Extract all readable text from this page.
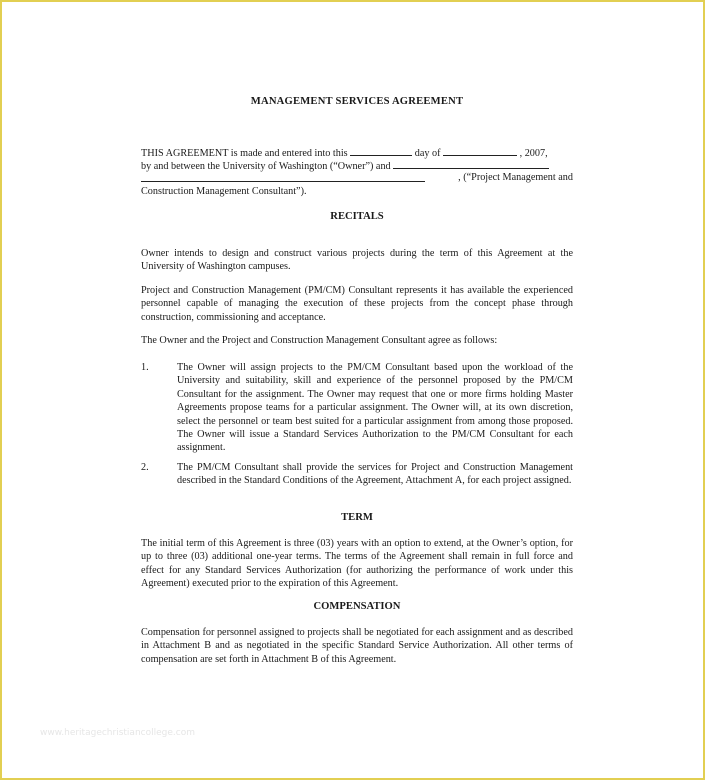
MANAGEMENT SERVICES AGREEMENT
THIS AGREEMENT is made and entered into this	day of	, 2007,
by and between the University of Washington (“Owner”) and
, (“Project Management and
Construction Management Consultant”).
RECITALS
Owner intends to design and construct various projects during the term of this Agreement at the University of Washington campuses.
Project and Construction Management (PM/CM) Consultant represents it has available the experienced personnel capable of managing the execution of these projects from the concept phase through construction, commissioning and acceptance.
The Owner and the Project and Construction Management Consultant agree as follows:
1.	The Owner will assign projects to the PM/CM Consultant based upon the workload of the University and suitability, skill and experience of the personnel proposed by the PM/CM Consultant for the assignment. The Owner may request that one or more firms holding Master Agreements propose teams for a particular assignment. The Owner will, at its own discretion, select the personnel or team best suited for a particular assignment from among those proposed. The Owner will issue a Standard Services Authorization to the PM/CM Consultant for each assignment.
2.	The PM/CM Consultant shall provide the services for Project and Construction Management described in the Standard Conditions of the Agreement, Attachment A, for each project assigned.
TERM
The initial term of this Agreement is three (03) years with an option to extend, at the Owner’s option, for up to three (03) additional one-year terms. The terms of the Agreement shall remain in full force and effect for any Standard Services Authorization (for authorizing the performance of work under this Agreement) executed prior to the expiration of this Agreement.
COMPENSATION
Compensation for personnel assigned to projects shall be negotiated for each assignment and as described in Attachment B and as negotiated in the specific Standard Service Authorization. All other terms of compensation are set forth in Attachment B of this Agreement.
www.heritagechristiancollege.com
